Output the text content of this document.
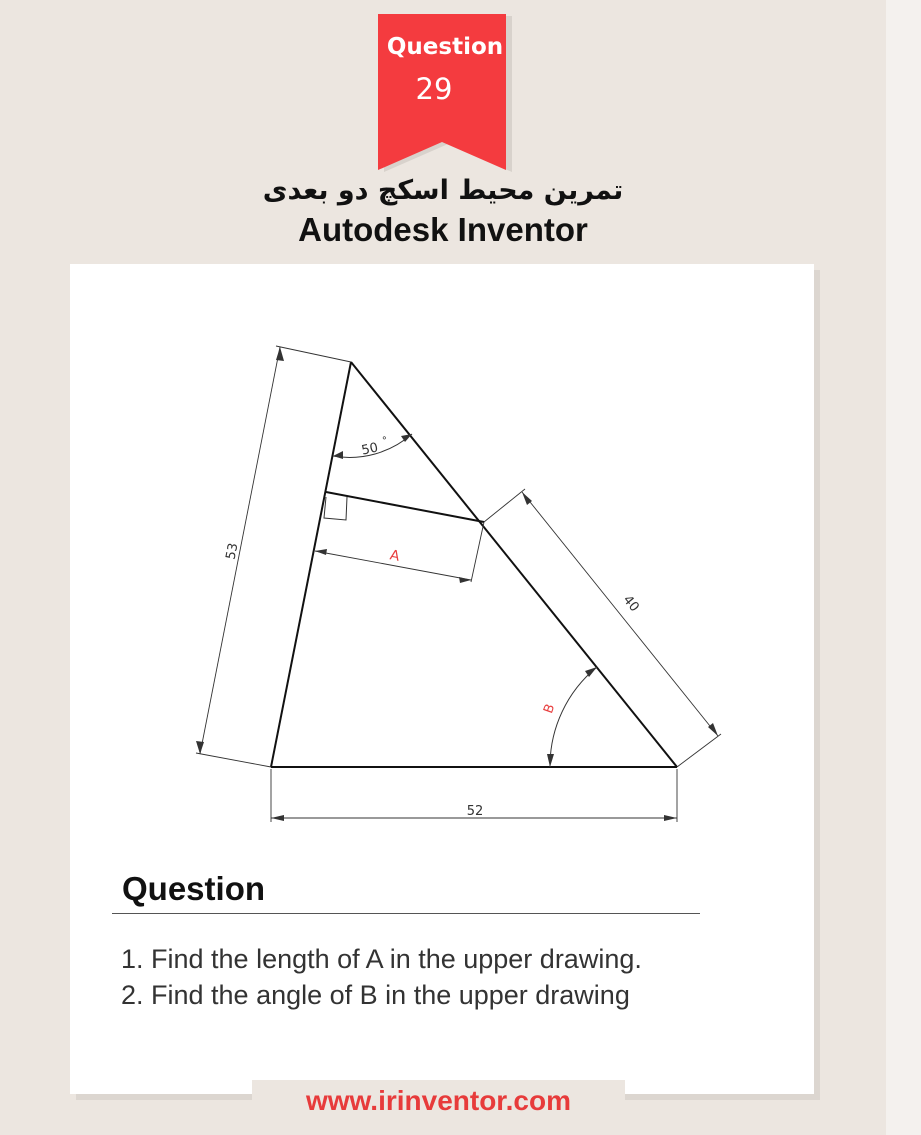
Question
29
تمرین محیط اسکچ دو بعدی
Autodesk Inventor
53
40
52
50 °
A
B
Question
1. Find the length of A in the upper drawing.
2. Find the angle of B in the upper drawing
www.irinventor.com
